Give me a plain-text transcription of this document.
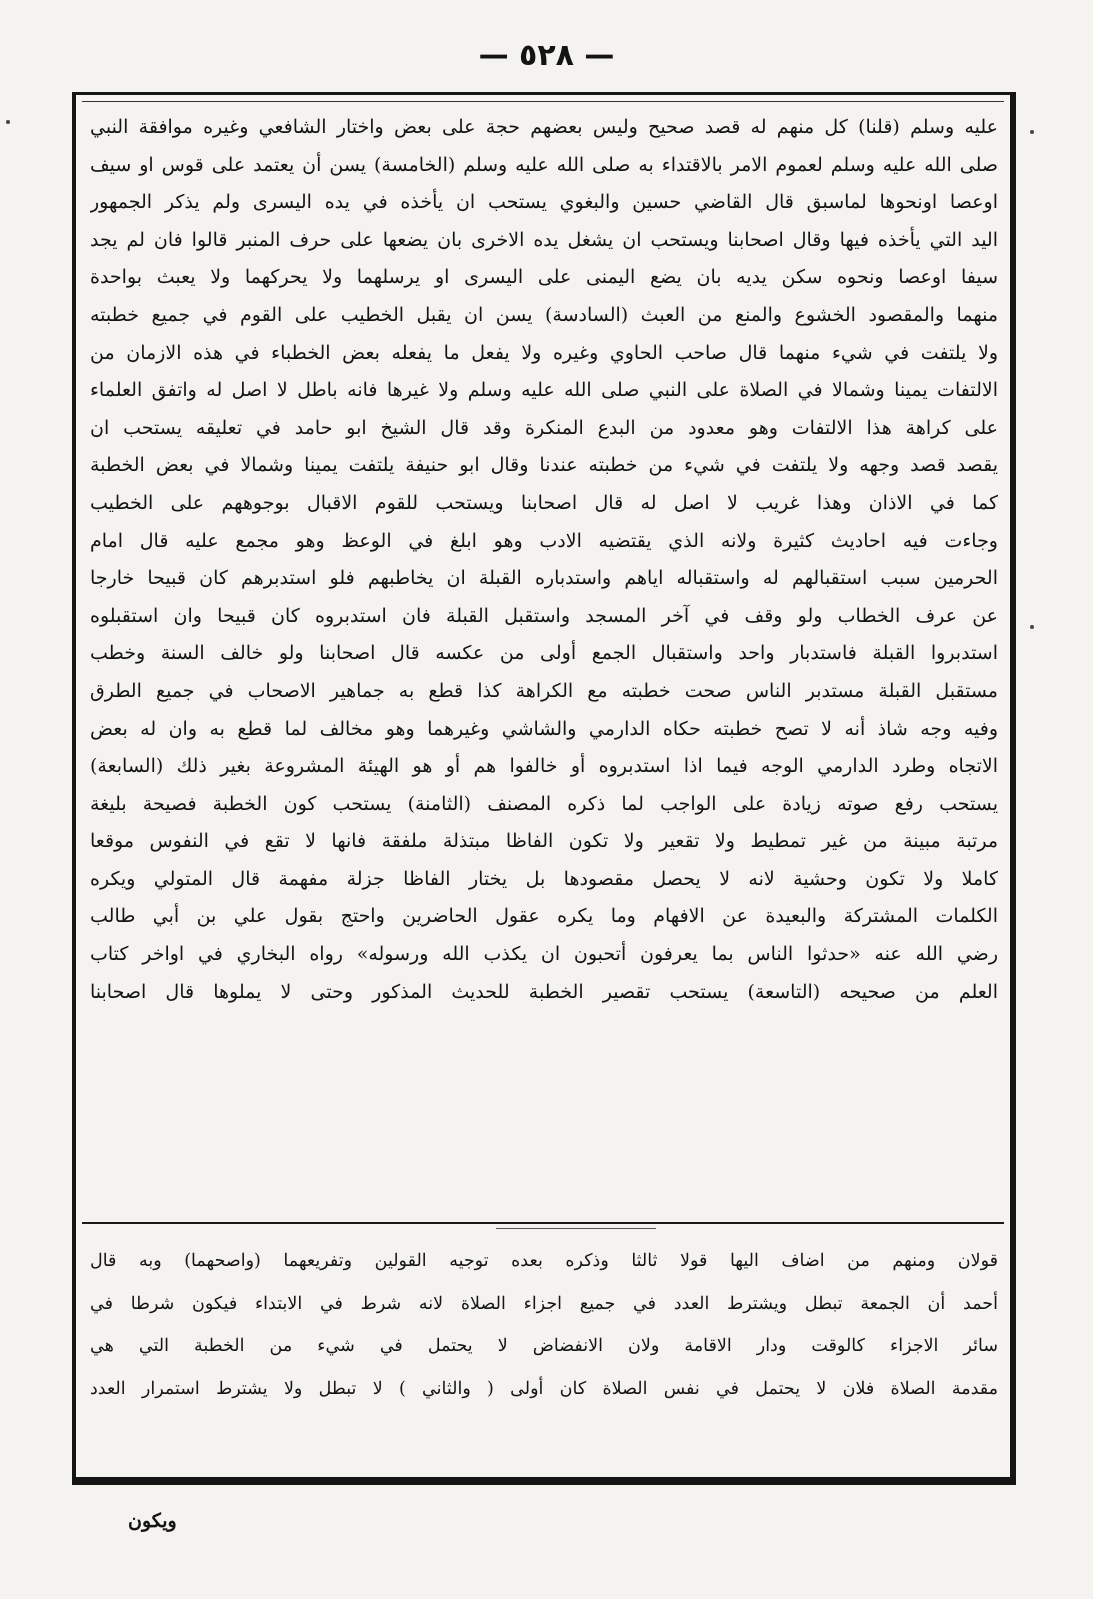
— ٥٢٨ —
عليه وسلم (قلنا) كل منهم له قصد صحيح وليس بعضهم حجة على بعض واختار الشافعي وغيره موافقة النبي
صلى الله عليه وسلم لعموم الامر بالاقتداء به صلى الله عليه وسلم (الخامسة) يسن أن يعتمد على قوس او سيف
اوعصا اونحوها لماسبق قال القاضي حسين والبغوي يستحب ان يأخذه في يده اليسرى ولم يذكر الجمهور
اليد التي يأخذه فيها وقال اصحابنا ويستحب ان يشغل يده الاخرى بان يضعها على حرف المنبر قالوا فان لم يجد
سيفا اوعصا ونحوه سكن يديه بان يضع اليمنى على اليسرى او يرسلهما ولا يحركهما ولا يعبث بواحدة
منهما والمقصود الخشوع والمنع من العبث (السادسة) يسن ان يقبل الخطيب على القوم في جميع خطبته
ولا يلتفت في شيء منهما قال صاحب الحاوي وغيره ولا يفعل ما يفعله بعض الخطباء في هذه الازمان من
الالتفات يمينا وشمالا في الصلاة على النبي صلى الله عليه وسلم ولا غيرها فانه باطل لا اصل له واتفق العلماء
على كراهة هذا الالتفات وهو معدود من البدع المنكرة وقد قال الشيخ ابو حامد في تعليقه يستحب ان
يقصد قصد وجهه ولا يلتفت في شيء من خطبته عندنا وقال ابو حنيفة يلتفت يمينا وشمالا في بعض الخطبة
كما في الاذان وهذا غريب لا اصل له قال اصحابنا ويستحب للقوم الاقبال بوجوههم على الخطيب
وجاءت فيه احاديث كثيرة ولانه الذي يقتضيه الادب وهو ابلغ في الوعظ وهو مجمع عليه قال امام
الحرمين سبب استقبالهم له واستقباله اياهم واستدباره القبلة ان يخاطبهم فلو استدبرهم كان قبيحا خارجا
عن عرف الخطاب ولو وقف في آخر المسجد واستقبل القبلة فان استدبروه كان قبيحا وان استقبلوه
استدبروا القبلة فاستدبار واحد واستقبال الجمع أولى من عكسه قال اصحابنا ولو خالف السنة وخطب
مستقبل القبلة مستدبر الناس صحت خطبته مع الكراهة كذا قطع به جماهير الاصحاب في جميع الطرق
وفيه وجه شاذ أنه لا تصح خطبته حكاه الدارمي والشاشي وغيرهما وهو مخالف لما قطع به وان له بعض
الاتجاه وطرد الدارمي الوجه فيما اذا استدبروه أو خالفوا هم أو هو الهيئة المشروعة بغير ذلك (السابعة)
يستحب رفع صوته زيادة على الواجب لما ذكره المصنف (الثامنة) يستحب كون الخطبة فصيحة بليغة
مرتبة مبينة من غير تمطيط ولا تقعير ولا تكون الفاظا مبتذلة ملفقة فانها لا تقع في النفوس موقعا
كاملا ولا تكون وحشية لانه لا يحصل مقصودها بل يختار الفاظا جزلة مفهمة قال المتولي ويكره
الكلمات المشتركة والبعيدة عن الافهام وما يكره عقول الحاضرين واحتج بقول علي بن أبي طالب
رضي الله عنه «حدثوا الناس بما يعرفون أتحبون ان يكذب الله ورسوله» رواه البخاري في اواخر كتاب
العلم من صحيحه (التاسعة) يستحب تقصير الخطبة للحديث المذكور وحتى لا يملوها قال اصحابنا
قولان ومنهم من اضاف اليها قولا ثالثا وذكره بعده توجيه القولين وتفريعهما (واصحهما) وبه قال
أحمد أن الجمعة تبطل ويشترط العدد في جميع اجزاء الصلاة لانه شرط في الابتداء فيكون شرطا في
سائر الاجزاء كالوقت ودار الاقامة ولان الانفضاض لا يحتمل في شيء من الخطبة التي هي
مقدمة الصلاة فلان لا يحتمل في نفس الصلاة كان أولى ( والثاني ) لا تبطل ولا يشترط استمرار العدد
ويكون
